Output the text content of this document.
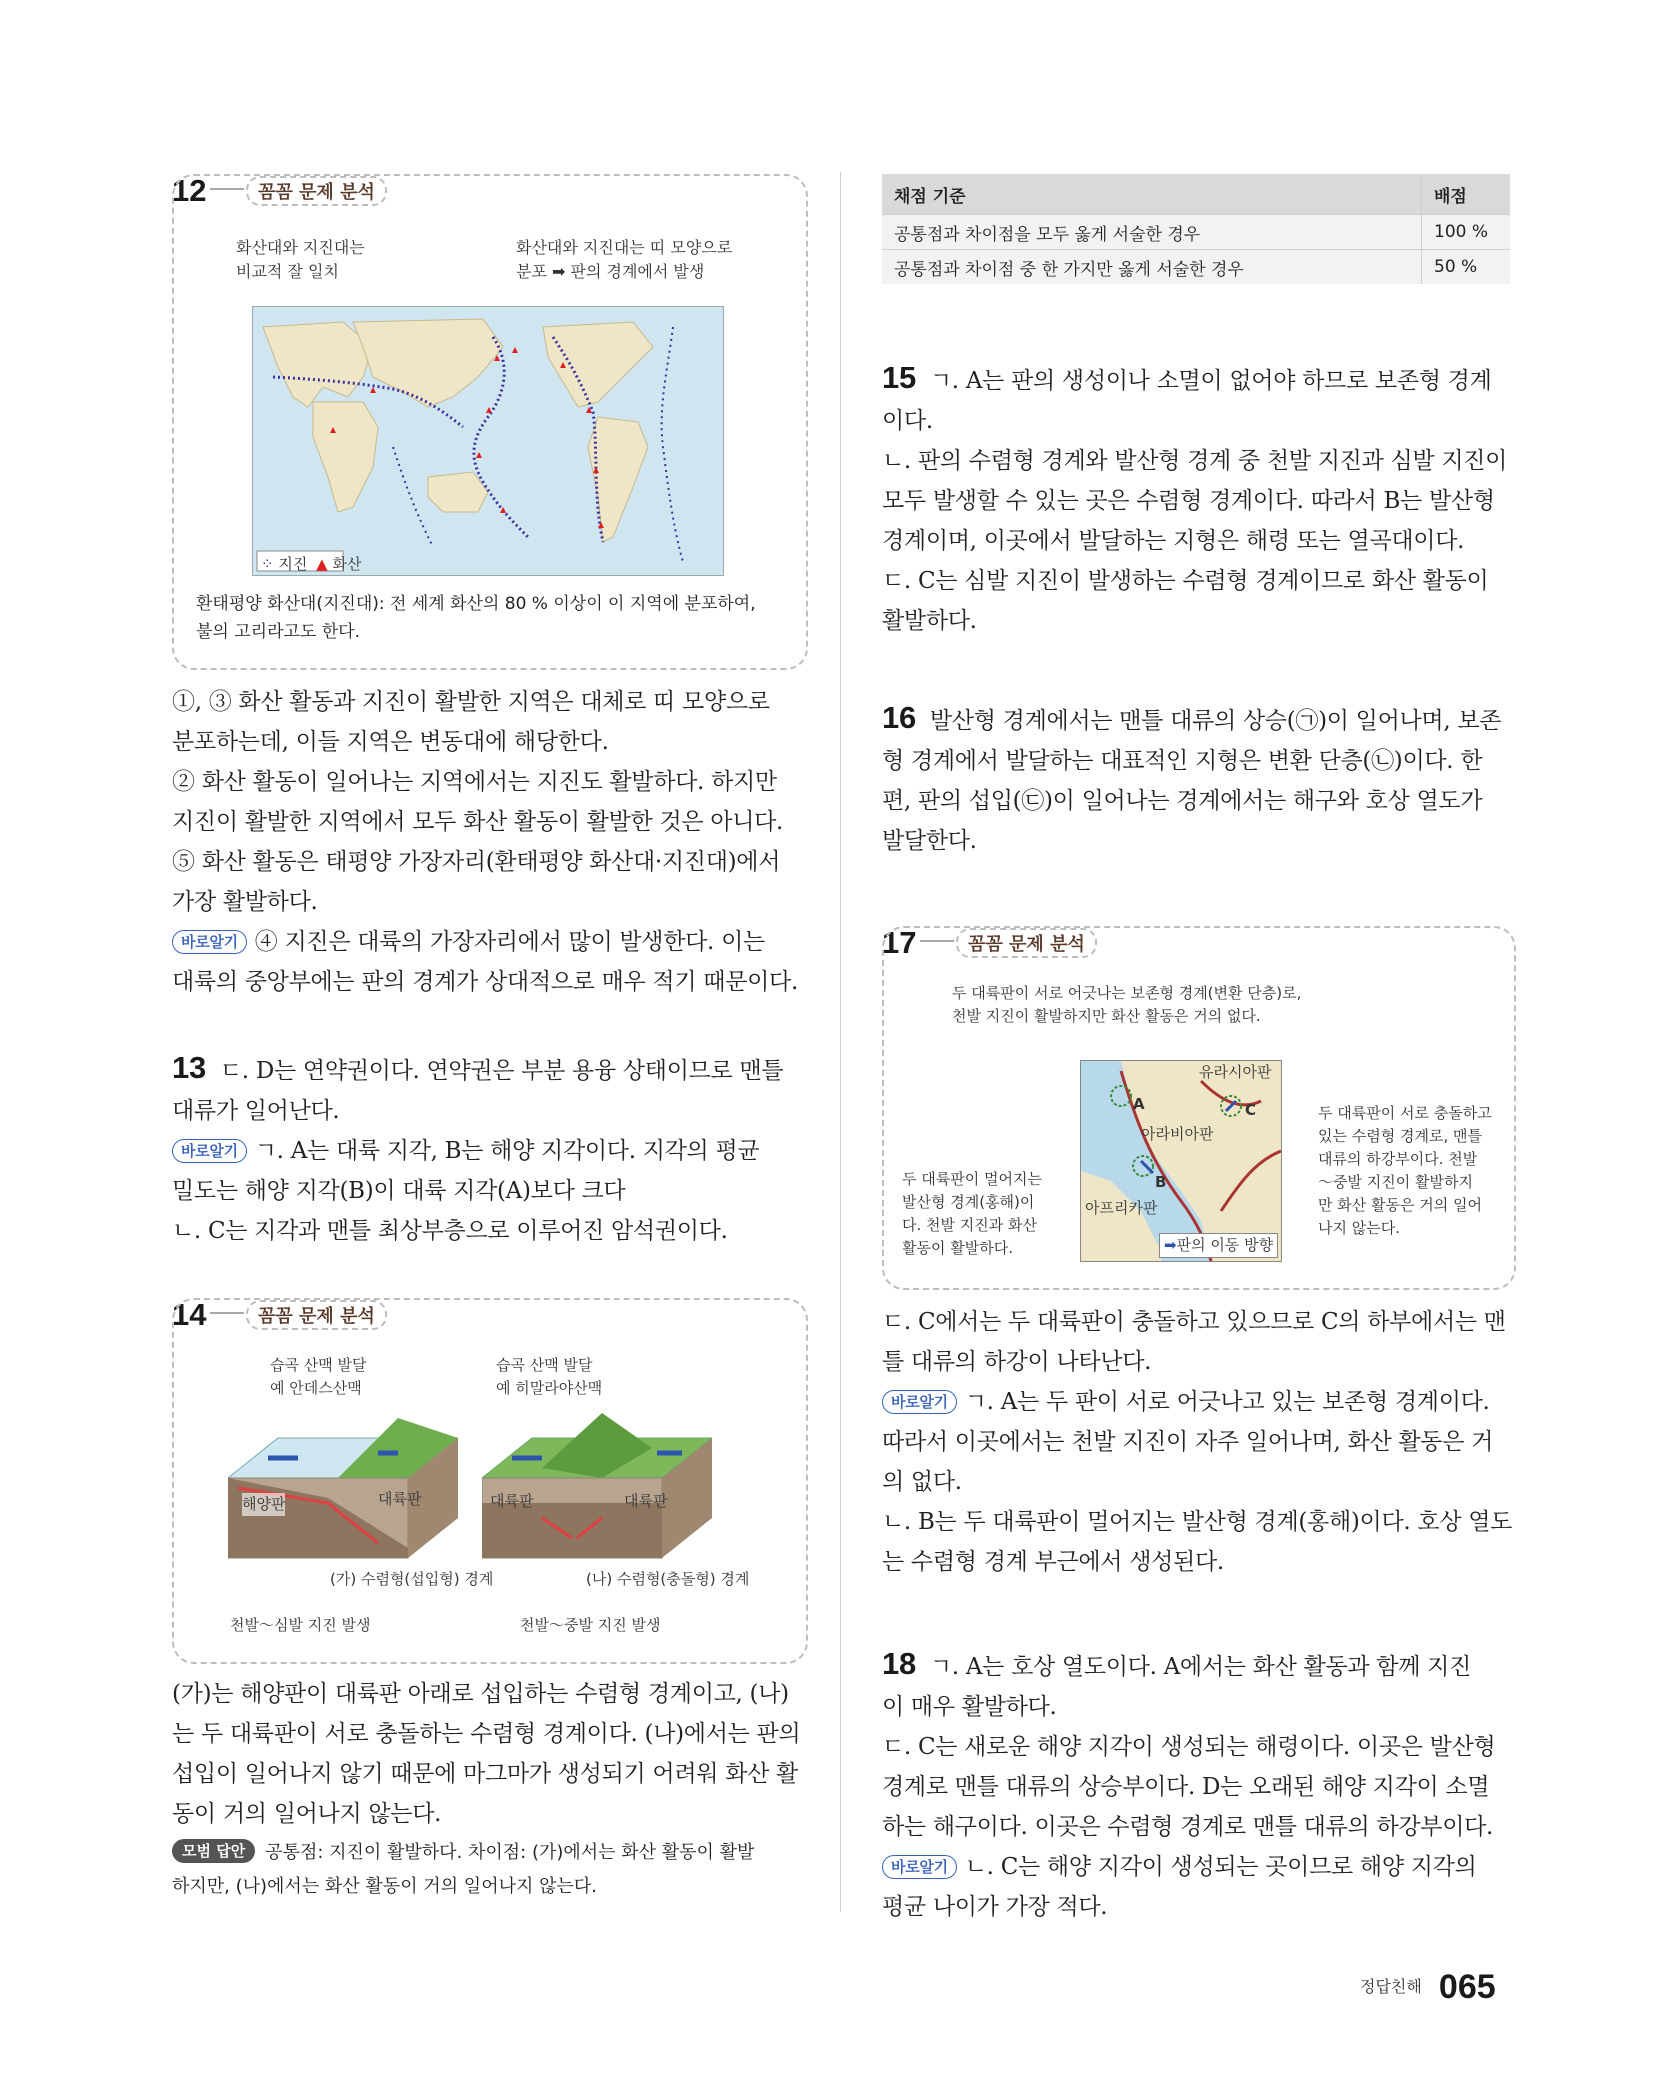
12	꼼꼼 문제 분석
화산대와 지진대는
비교적 잘 일치
화산대와 지진대는 띠 모양으로
분포 ➡ 판의 경계에서 발생
⁘ 지진 ▲ 화산
환태평양 화산대(지진대): 전 세계 화산의 80 % 이상이 이 지역에 분포하여,
불의 고리라고도 한다.
①, ③ 화산 활동과 지진이 활발한 지역은 대체로 띠 모양으로
분포하는데, 이들 지역은 변동대에 해당한다.
② 화산 활동이 일어나는 지역에서는 지진도 활발하다. 하지만
지진이 활발한 지역에서 모두 화산 활동이 활발한 것은 아니다.
⑤ 화산 활동은 태평양 가장자리(환태평양 화산대·지진대)에서
가장 활발하다.
바로알기 ④ 지진은 대륙의 가장자리에서 많이 발생한다. 이는
대륙의 중앙부에는 판의 경계가 상대적으로 매우 적기 때문이다.
13 ㄷ. D는 연약권이다. 연약권은 부분 용융 상태이므로 맨틀
대류가 일어난다.
바로알기 ㄱ. A는 대륙 지각, B는 해양 지각이다. 지각의 평균
밀도는 해양 지각(B)이 대륙 지각(A)보다 크다
ㄴ. C는 지각과 맨틀 최상부층으로 이루어진 암석권이다.
14	꼼꼼 문제 분석
습곡 산맥 발달
예 안데스산맥
습곡 산맥 발달
예 히말라야산맥
해양판	대륙판	대륙판	대륙판
(가) 수렴형(섭입형) 경계	(나) 수렴형(충돌형) 경계
천발～심발 지진 발생	천발～중발 지진 발생
(가)는 해양판이 대륙판 아래로 섭입하는 수렴형 경계이고, (나)
는 두 대륙판이 서로 충돌하는 수렴형 경계이다. (나)에서는 판의
섭입이 일어나지 않기 때문에 마그마가 생성되기 어려워 화산 활
동이 거의 일어나지 않는다.
모범 답안 공통점: 지진이 활발하다. 차이점: (가)에서는 화산 활동이 활발
하지만, (나)에서는 화산 활동이 거의 일어나지 않는다.
채점 기준	배점
공통점과 차이점을 모두 옳게 서술한 경우	100 %
공통점과 차이점 중 한 가지만 옳게 서술한 경우	50 %
15 ㄱ. A는 판의 생성이나 소멸이 없어야 하므로 보존형 경계
이다.
ㄴ. 판의 수렴형 경계와 발산형 경계 중 천발 지진과 심발 지진이
모두 발생할 수 있는 곳은 수렴형 경계이다. 따라서 B는 발산형
경계이며, 이곳에서 발달하는 지형은 해령 또는 열곡대이다.
ㄷ. C는 심발 지진이 발생하는 수렴형 경계이므로 화산 활동이
활발하다.
16 발산형 경계에서는 맨틀 대류의 상승(㉠)이 일어나며, 보존
형 경계에서 발달하는 대표적인 지형은 변환 단층(㉡)이다. 한
편, 판의 섭입(㉢)이 일어나는 경계에서는 해구와 호상 열도가
발달한다.
17	꼼꼼 문제 분석
두 대륙판이 서로 어긋나는 보존형 경계(변환 단층)로,
천발 지진이 활발하지만 화산 활동은 거의 없다.
두 대륙판이 멀어지는
발산형 경계(홍해)이
다. 천발 지진과 화산
활동이 활발하다.
두 대륙판이 서로 충돌하고
있는 수렴형 경계로, 맨틀
대류의 하강부이다. 천발
～중발 지진이 활발하지
만 화산 활동은 거의 일어
나지 않는다.
유라시아판
아라비아판
아프리카판
A
B
C
➡판의 이동 방향
ㄷ. C에서는 두 대륙판이 충돌하고 있으므로 C의 하부에서는 맨
틀 대류의 하강이 나타난다.
바로알기 ㄱ. A는 두 판이 서로 어긋나고 있는 보존형 경계이다.
따라서 이곳에서는 천발 지진이 자주 일어나며, 화산 활동은 거
의 없다.
ㄴ. B는 두 대륙판이 멀어지는 발산형 경계(홍해)이다. 호상 열도
는 수렴형 경계 부근에서 생성된다.
18 ㄱ. A는 호상 열도이다. A에서는 화산 활동과 함께 지진
이 매우 활발하다.
ㄷ. C는 새로운 해양 지각이 생성되는 해령이다. 이곳은 발산형
경계로 맨틀 대류의 상승부이다. D는 오래된 해양 지각이 소멸
하는 해구이다. 이곳은 수렴형 경계로 맨틀 대류의 하강부이다.
바로알기 ㄴ. C는 해양 지각이 생성되는 곳이므로 해양 지각의
평균 나이가 가장 적다.
정답친해 065
